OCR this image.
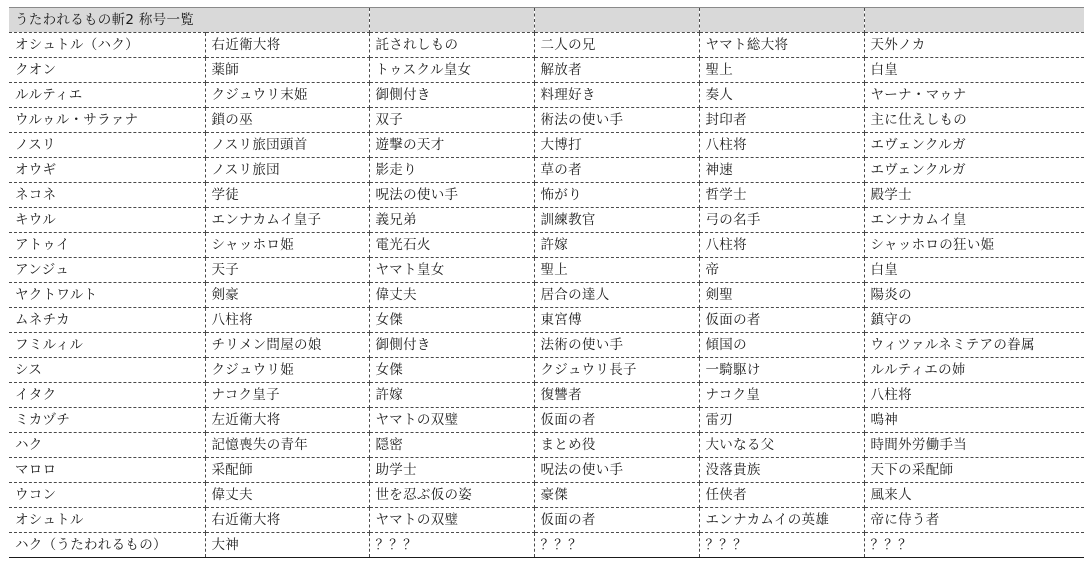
うたわれるもの斬2 称号一覧					
オシュトル（ハク）	右近衛大将	託されしもの	二人の兄	ヤマト総大将	天外ノカ
クオン	薬師	トゥスクル皇女	解放者	聖上	白皇
ルルティエ	クジュウリ末姫	御側付き	料理好き	奏人	ヤーナ・マゥナ
ウルゥル・サラァナ	鎖の巫	双子	術法の使い手	封印者	主に仕えしもの
ノスリ	ノスリ旅団頭首	遊撃の天才	大博打	八柱将	エヴェンクルガ
オウギ	ノスリ旅団	影走り	草の者	神速	エヴェンクルガ
ネコネ	学徒	呪法の使い手	怖がり	哲学士	殿学士
キウル	エンナカムイ皇子	義兄弟	訓練教官	弓の名手	エンナカムイ皇
アトゥイ	シャッホロ姫	電光石火	許嫁	八柱将	シャッホロの狂い姫
アンジュ	天子	ヤマト皇女	聖上	帝	白皇
ヤクトワルト	剣豪	偉丈夫	居合の達人	剣聖	陽炎の
ムネチカ	八柱将	女傑	東宮傅	仮面の者	鎮守の
フミルィル	チリメン問屋の娘	御側付き	法術の使い手	傾国の	ウィツァルネミテアの眷属
シス	クジュウリ姫	女傑	クジュウリ長子	一騎駆け	ルルティエの姉
イタク	ナコク皇子	許嫁	復讐者	ナコク皇	八柱将
ミカヅチ	左近衛大将	ヤマトの双璧	仮面の者	雷刃	鳴神
ハク	記憶喪失の青年	隠密	まとめ役	大いなる父	時間外労働手当
マロロ	采配師	助学士	呪法の使い手	没落貴族	天下の采配師
ウコン	偉丈夫	世を忍ぶ仮の姿	豪傑	任侠者	風来人
オシュトル	右近衛大将	ヤマトの双璧	仮面の者	エンナカムイの英雄	帝に侍う者
ハク（うたわれるもの）	大神	？？？	？？？	？？？	？？？
